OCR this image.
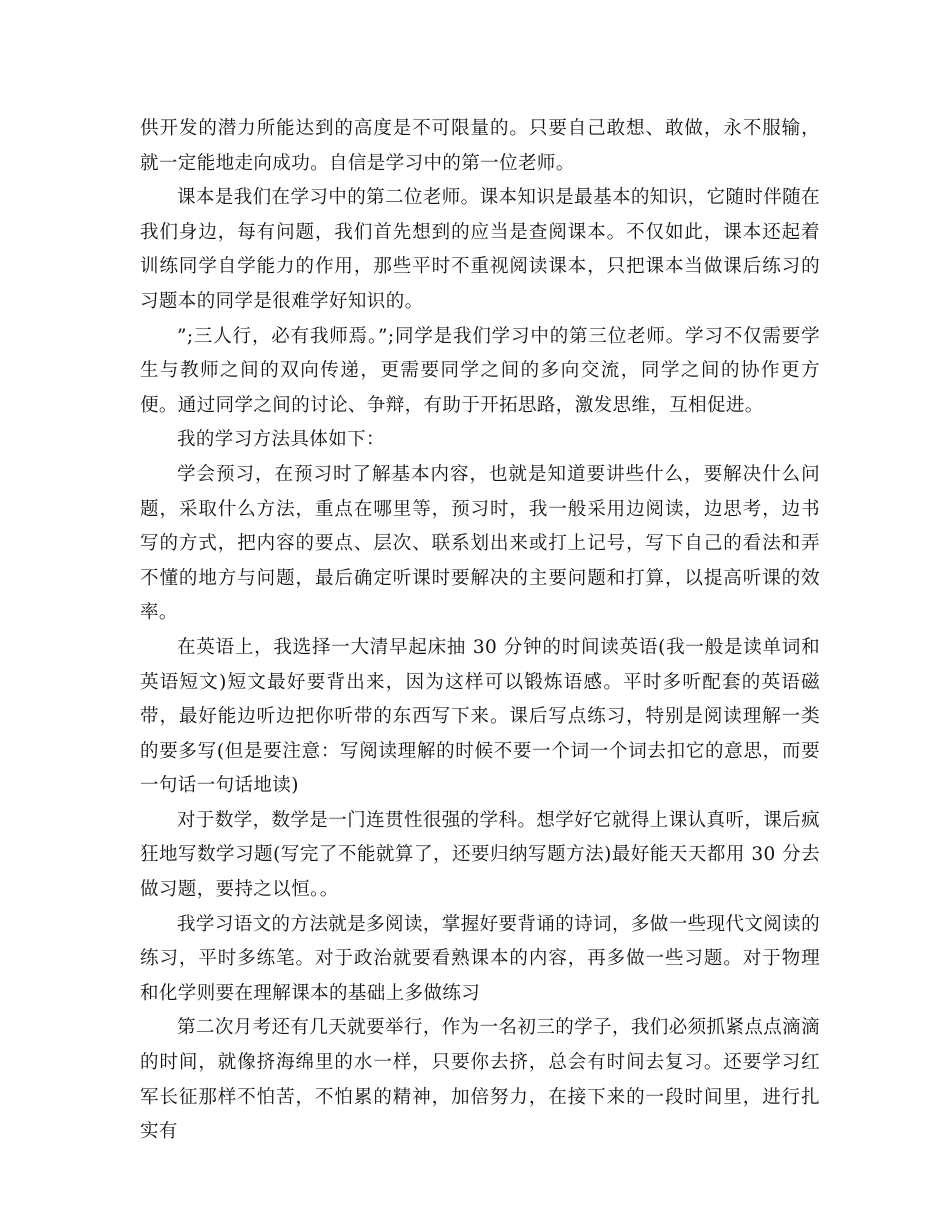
供开发的潜力所能达到的高度是不可限量的。只要自己敢想、敢做，永不服输，就一定能地走向成功。自信是学习中的第一位老师。

课本是我们在学习中的第二位老师。课本知识是最基本的知识，它随时伴随在我们身边，每有问题，我们首先想到的应当是查阅课本。不仅如此，课本还起着训练同学自学能力的作用，那些平时不重视阅读课本，只把课本当做课后练习的习题本的同学是很难学好知识的。

”;三人行，必有我师焉。”;同学是我们学习中的第三位老师。学习不仅需要学生与教师之间的双向传递，更需要同学之间的多向交流，同学之间的协作更方便。通过同学之间的讨论、争辩，有助于开拓思路，激发思维，互相促进。

我的学习方法具体如下：

学会预习，在预习时了解基本内容，也就是知道要讲些什么，要解决什么问题，采取什么方法，重点在哪里等，预习时，我一般采用边阅读，边思考，边书写的方式，把内容的要点、层次、联系划出来或打上记号，写下自己的看法和弄不懂的地方与问题，最后确定听课时要解决的主要问题和打算，以提高听课的效率。

在英语上，我选择一大清早起床抽 30 分钟的时间读英语(我一般是读单词和英语短文)短文最好要背出来，因为这样可以锻炼语感。平时多听配套的英语磁带，最好能边听边把你听带的东西写下来。课后写点练习，特别是阅读理解一类的要多写(但是要注意：写阅读理解的时候不要一个词一个词去扣它的意思，而要一句话一句话地读)

对于数学，数学是一门连贯性很强的学科。想学好它就得上课认真听，课后疯狂地写数学习题(写完了不能就算了，还要归纳写题方法)最好能天天都用 30 分去做习题，要持之以恒。。

我学习语文的方法就是多阅读，掌握好要背诵的诗词，多做一些现代文阅读的练习，平时多练笔。对于政治就要看熟课本的内容，再多做一些习题。对于物理和化学则要在理解课本的基础上多做练习

第二次月考还有几天就要举行，作为一名初三的学子，我们必须抓紧点点滴滴的时间，就像挤海绵里的水一样，只要你去挤，总会有时间去复习。还要学习红军长征那样不怕苦，不怕累的精神，加倍努力，在接下来的一段时间里，进行扎实有
